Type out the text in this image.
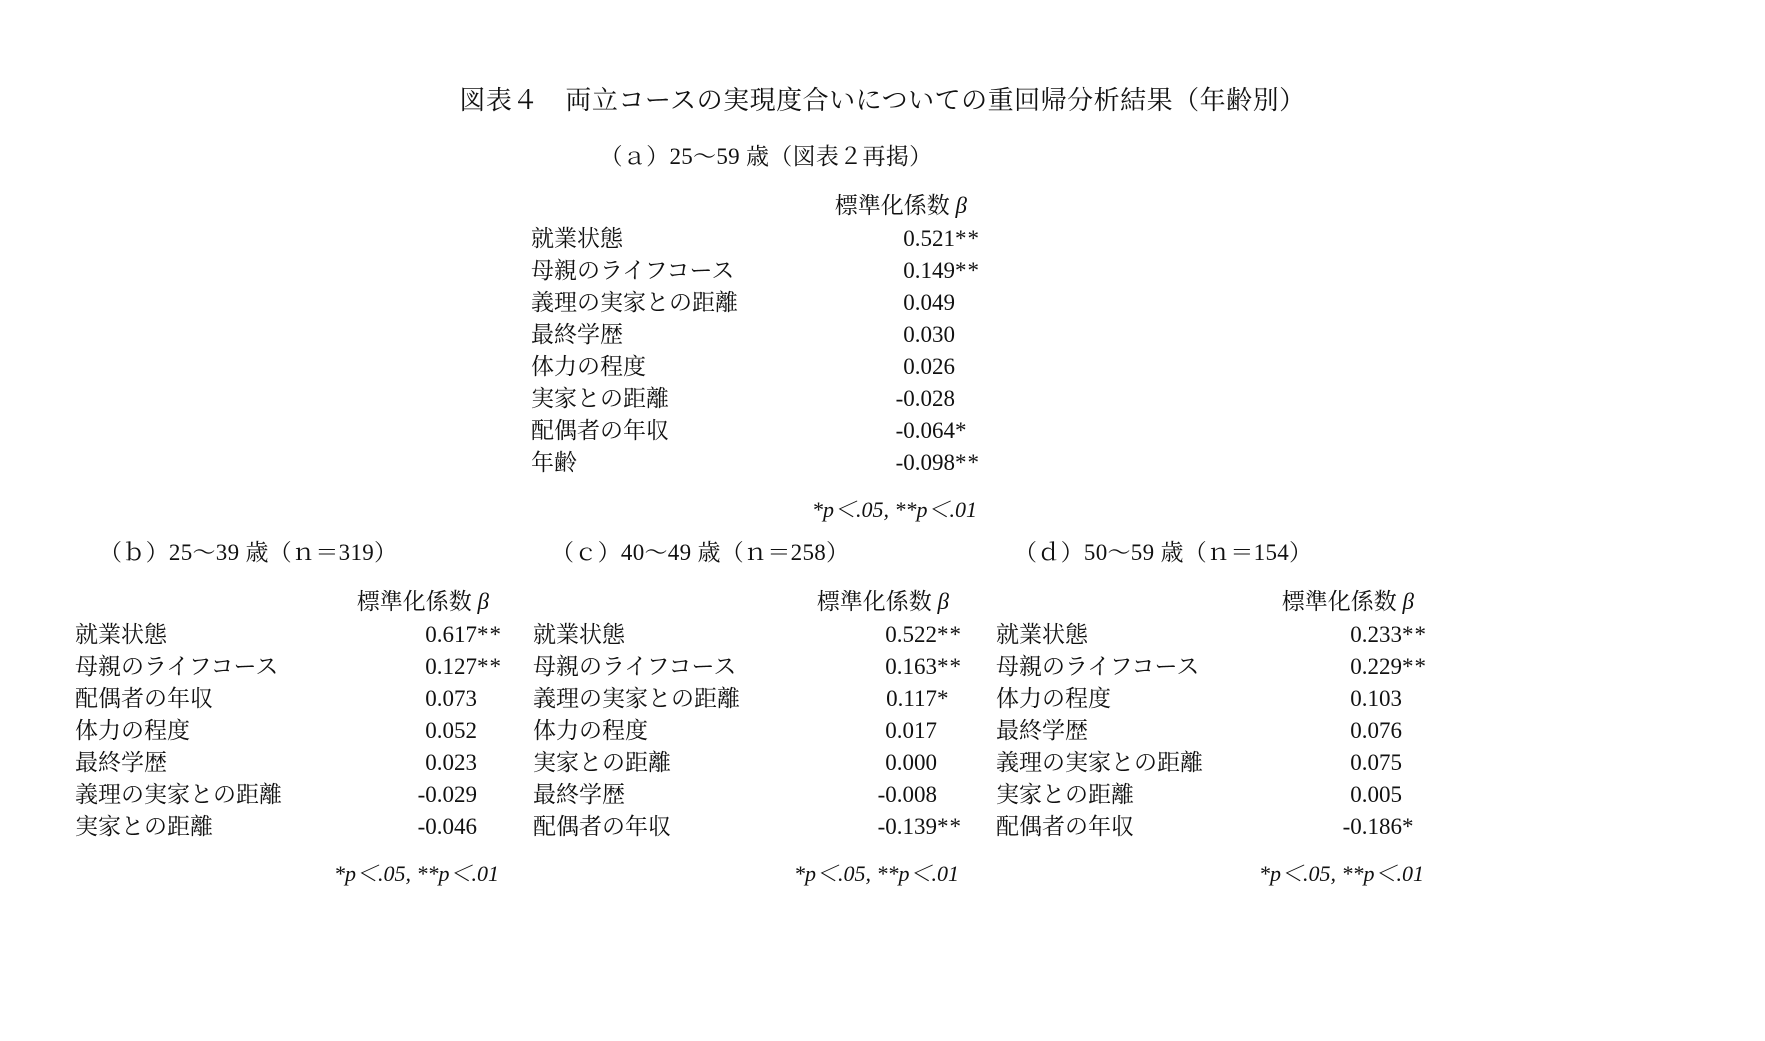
図表４　両立コースの実現度合いについての重回帰分析結果（年齢別）
（ａ）25〜59 歳（図表２再掲）
	標準化係数 β	
就業状態	0.521	**
母親のライフコース	0.149	**
義理の実家との距離	0.049	
最終学歴	0.030	
体力の程度	0.026	
実家との距離	-0.028	
配偶者の年収	-0.064	*
年齢	-0.098	**
*p＜.05, **p＜.01
（ｂ）25〜39 歳（ｎ＝319）
	標準化係数 β	
就業状態	0.617	**
母親のライフコース	0.127	**
配偶者の年収	0.073	
体力の程度	0.052	
最終学歴	0.023	
義理の実家との距離	-0.029	
実家との距離	-0.046	
*p＜.05, **p＜.01
（ｃ）40〜49 歳（ｎ＝258）
	標準化係数 β	
就業状態	0.522	**
母親のライフコース	0.163	**
義理の実家との距離	0.117	*
体力の程度	0.017	
実家との距離	0.000	
最終学歴	-0.008	
配偶者の年収	-0.139	**
*p＜.05, **p＜.01
（ｄ）50〜59 歳（ｎ＝154）
	標準化係数 β	
就業状態	0.233	**
母親のライフコース	0.229	**
体力の程度	0.103	
最終学歴	0.076	
義理の実家との距離	0.075	
実家との距離	0.005	
配偶者の年収	-0.186	*
*p＜.05, **p＜.01
